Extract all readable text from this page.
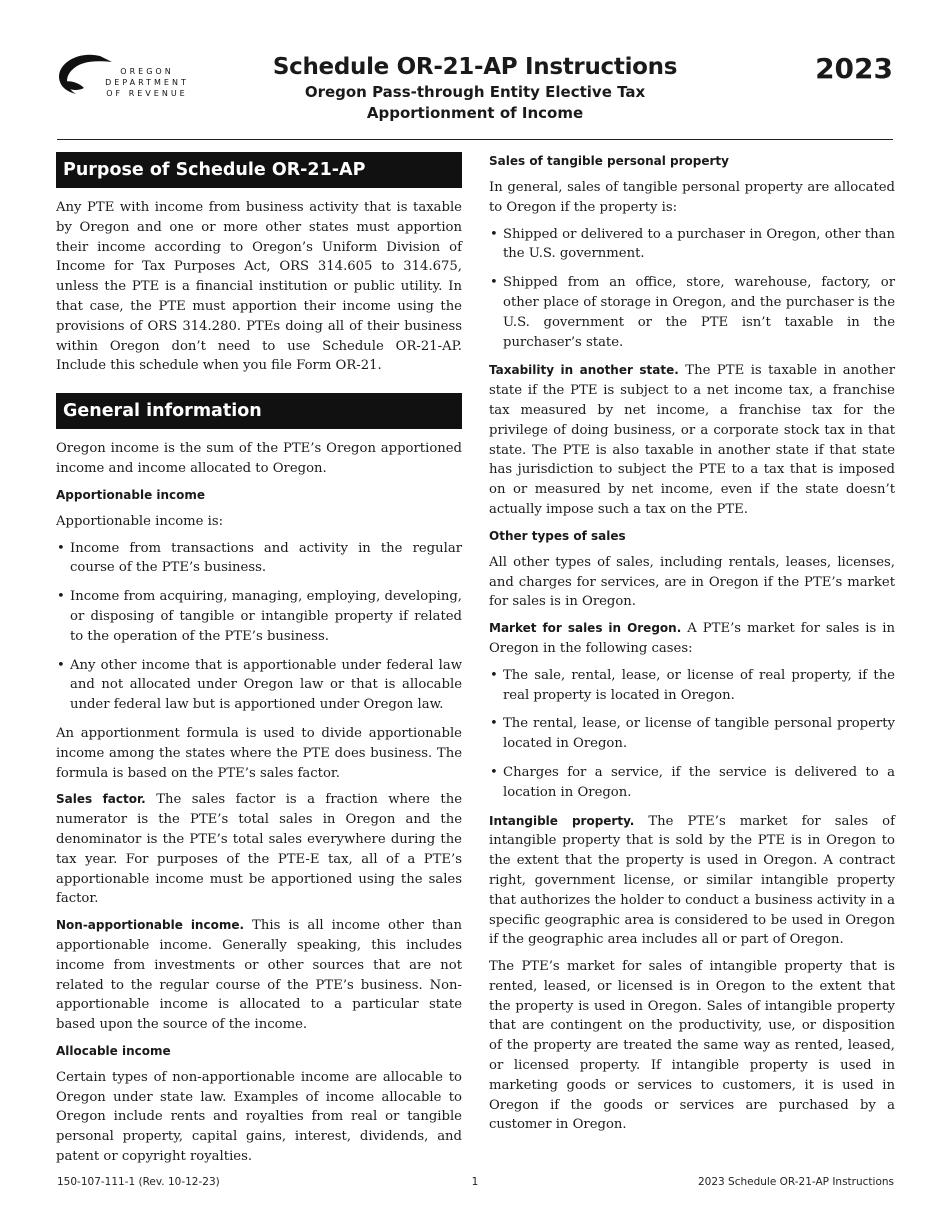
OREGON
DEPARTMENT
OF REVENUE
Schedule OR-21-AP Instructions
Oregon Pass-through Entity Elective Tax
Apportionment of Income
2023
Purpose of Schedule OR-21-AP

Any PTE with income from business activity that is taxable by Oregon and one or more other states must apportion their income according to Oregon’s Uniform Division of Income for Tax Purposes Act, ORS 314.605 to 314.675, unless the PTE is a financial institution or public utility. In that case, the PTE must apportion their income using the provisions of ORS 314.280. PTEs doing all of their business within Oregon don’t need to use Schedule OR-21-AP. Include this schedule when you file Form OR-21.

General information

Oregon income is the sum of the PTE’s Oregon apportioned income and income allocated to Oregon.

Apportionable income

Apportionable income is:

• Income from transactions and activity in the regular course of the PTE’s business.
• Income from acquiring, managing, employing, developing, or disposing of tangible or intangible property if related to the operation of the PTE’s business.
• Any other income that is apportionable under federal law and not allocated under Oregon law or that is allocable under federal law but is apportioned under Oregon law.

An apportionment formula is used to divide apportionable income among the states where the PTE does business. The formula is based on the PTE’s sales factor.

Sales factor. The sales factor is a fraction where the numerator is the PTE’s total sales in Oregon and the denominator is the PTE’s total sales everywhere during the tax year. For purposes of the PTE-E tax, all of a PTE’s apportionable income must be apportioned using the sales factor.

Non-apportionable income. This is all income other than apportionable income. Generally speaking, this includes income from investments or other sources that are not related to the regular course of the PTE’s business. Non-apportionable income is allocated to a particular state based upon the source of the income.

Allocable income

Certain types of non-apportionable income are allocable to Oregon under state law. Examples of income allocable to Oregon include rents and royalties from real or tangible personal property, capital gains, interest, dividends, and patent or copyright royalties.

Sales of tangible personal property

In general, sales of tangible personal property are allocated to Oregon if the property is:

• Shipped or delivered to a purchaser in Oregon, other than the U.S. government.
• Shipped from an office, store, warehouse, factory, or other place of storage in Oregon, and the purchaser is the U.S. government or the PTE isn’t taxable in the purchaser’s state.

Taxability in another state. The PTE is taxable in another state if the PTE is subject to a net income tax, a franchise tax measured by net income, a franchise tax for the privilege of doing business, or a corporate stock tax in that state. The PTE is also taxable in another state if that state has jurisdiction to subject the PTE to a tax that is imposed on or measured by net income, even if the state doesn’t actually impose such a tax on the PTE.

Other types of sales

All other types of sales, including rentals, leases, licenses, and charges for services, are in Oregon if the PTE’s market for sales is in Oregon.

Market for sales in Oregon. A PTE’s market for sales is in Oregon in the following cases:

• The sale, rental, lease, or license of real property, if the real property is located in Oregon.
• The rental, lease, or license of tangible personal property located in Oregon.
• Charges for a service, if the service is delivered to a location in Oregon.

Intangible property. The PTE’s market for sales of intangible property that is sold by the PTE is in Oregon to the extent that the property is used in Oregon. A contract right, government license, or similar intangible property that authorizes the holder to conduct a business activity in a specific geographic area is considered to be used in Oregon if the geographic area includes all or part of Oregon.

The PTE’s market for sales of intangible property that is rented, leased, or licensed is in Oregon to the extent that the property is used in Oregon. Sales of intangible property that are contingent on the productivity, use, or disposition of the property are treated the same way as rented, leased, or licensed property. If intangible property is used in marketing goods or services to customers, it is used in Oregon if the goods or services are purchased by a customer in Oregon.

150-107-111-1 (Rev. 10-12-23)	1	2023 Schedule OR-21-AP Instructions
